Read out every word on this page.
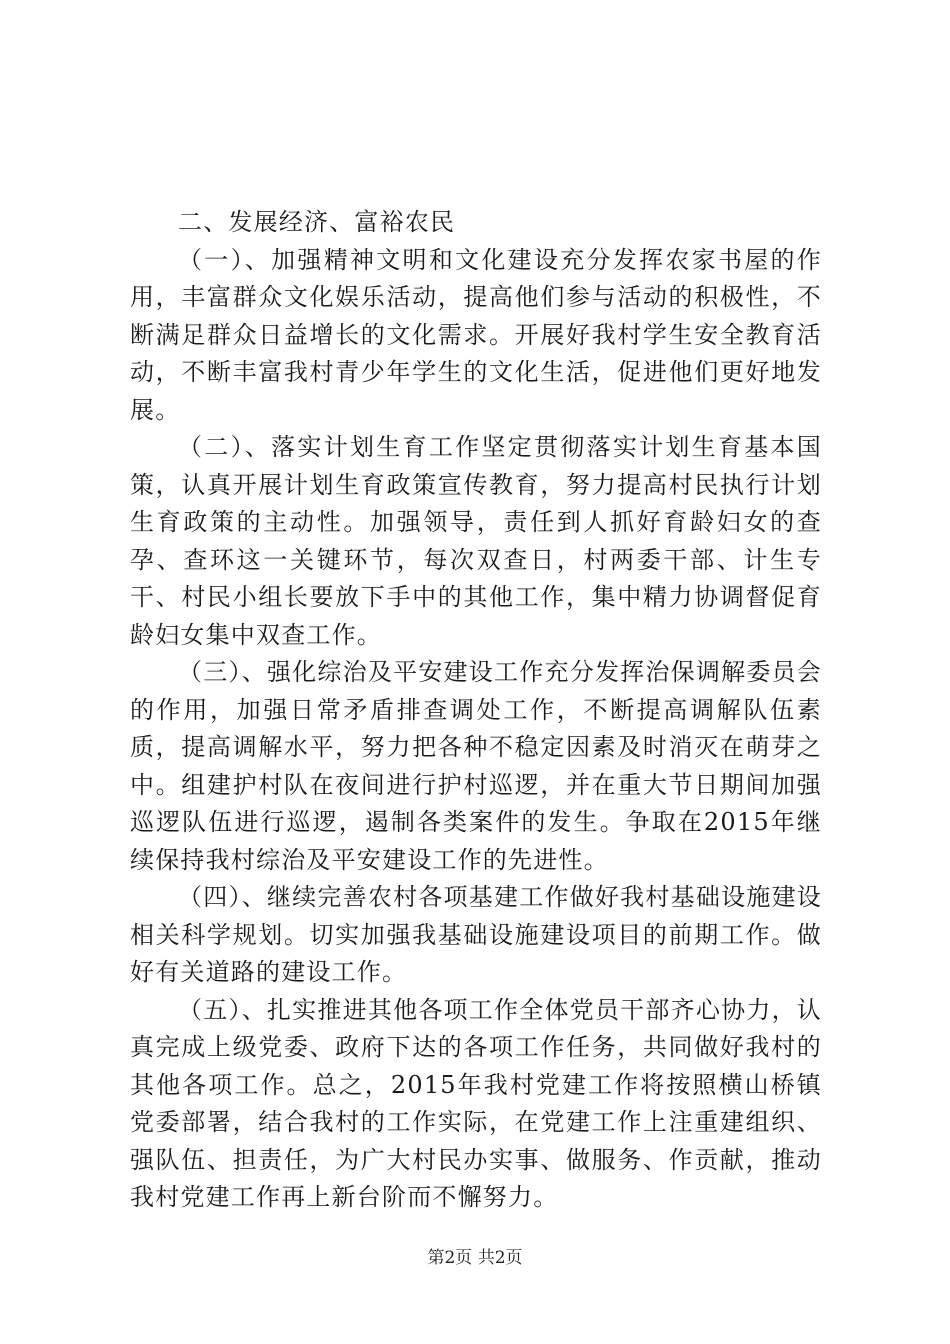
二、发展经济、富裕农民

（一）、加强精神文明和文化建设充分发挥农家书屋的作用，丰富群众文化娱乐活动，提高他们参与活动的积极性，不断满足群众日益增长的文化需求。开展好我村学生安全教育活动，不断丰富我村青少年学生的文化生活，促进他们更好地发展。

（二）、落实计划生育工作坚定贯彻落实计划生育基本国策，认真开展计划生育政策宣传教育，努力提高村民执行计划生育政策的主动性。加强领导，责任到人抓好育龄妇女的查孕、查环这一关键环节，每次双查日，村两委干部、计生专干、村民小组长要放下手中的其他工作，集中精力协调督促育龄妇女集中双查工作。

（三）、强化综治及平安建设工作充分发挥治保调解委员会的作用，加强日常矛盾排查调处工作，不断提高调解队伍素质，提高调解水平，努力把各种不稳定因素及时消灭在萌芽之中。组建护村队在夜间进行护村巡逻，并在重大节日期间加强巡逻队伍进行巡逻，遏制各类案件的发生。争取在2015年继续保持我村综治及平安建设工作的先进性。

（四）、继续完善农村各项基建工作做好我村基础设施建设相关科学规划。切实加强我基础设施建设项目的前期工作。做好有关道路的建设工作。

（五）、扎实推进其他各项工作全体党员干部齐心协力，认真完成上级党委、政府下达的各项工作任务，共同做好我村的其他各项工作。总之，2015年我村党建工作将按照横山桥镇党委部署，结合我村的工作实际，在党建工作上注重建组织、强队伍、担责任，为广大村民办实事、做服务、作贡献，推动我村党建工作再上新台阶而不懈努力。

第2页 共2页
